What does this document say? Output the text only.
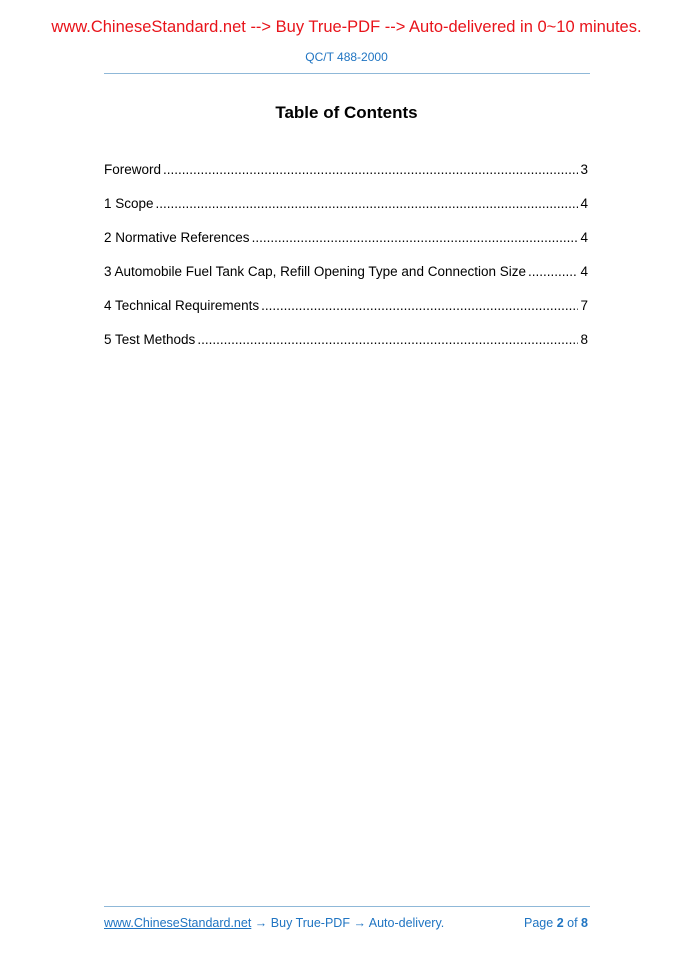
www.ChineseStandard.net --> Buy True-PDF --> Auto-delivered in 0~10 minutes.
QC/T 488-2000
Table of Contents
Foreword .....	3
1 Scope .....	4
2 Normative References .....	4
3 Automobile Fuel Tank Cap, Refill Opening Type and Connection Size .....	4
4 Technical Requirements .....	7
5 Test Methods .....	8
www.ChineseStandard.net → Buy True-PDF → Auto-delivery.	Page 2 of 8
